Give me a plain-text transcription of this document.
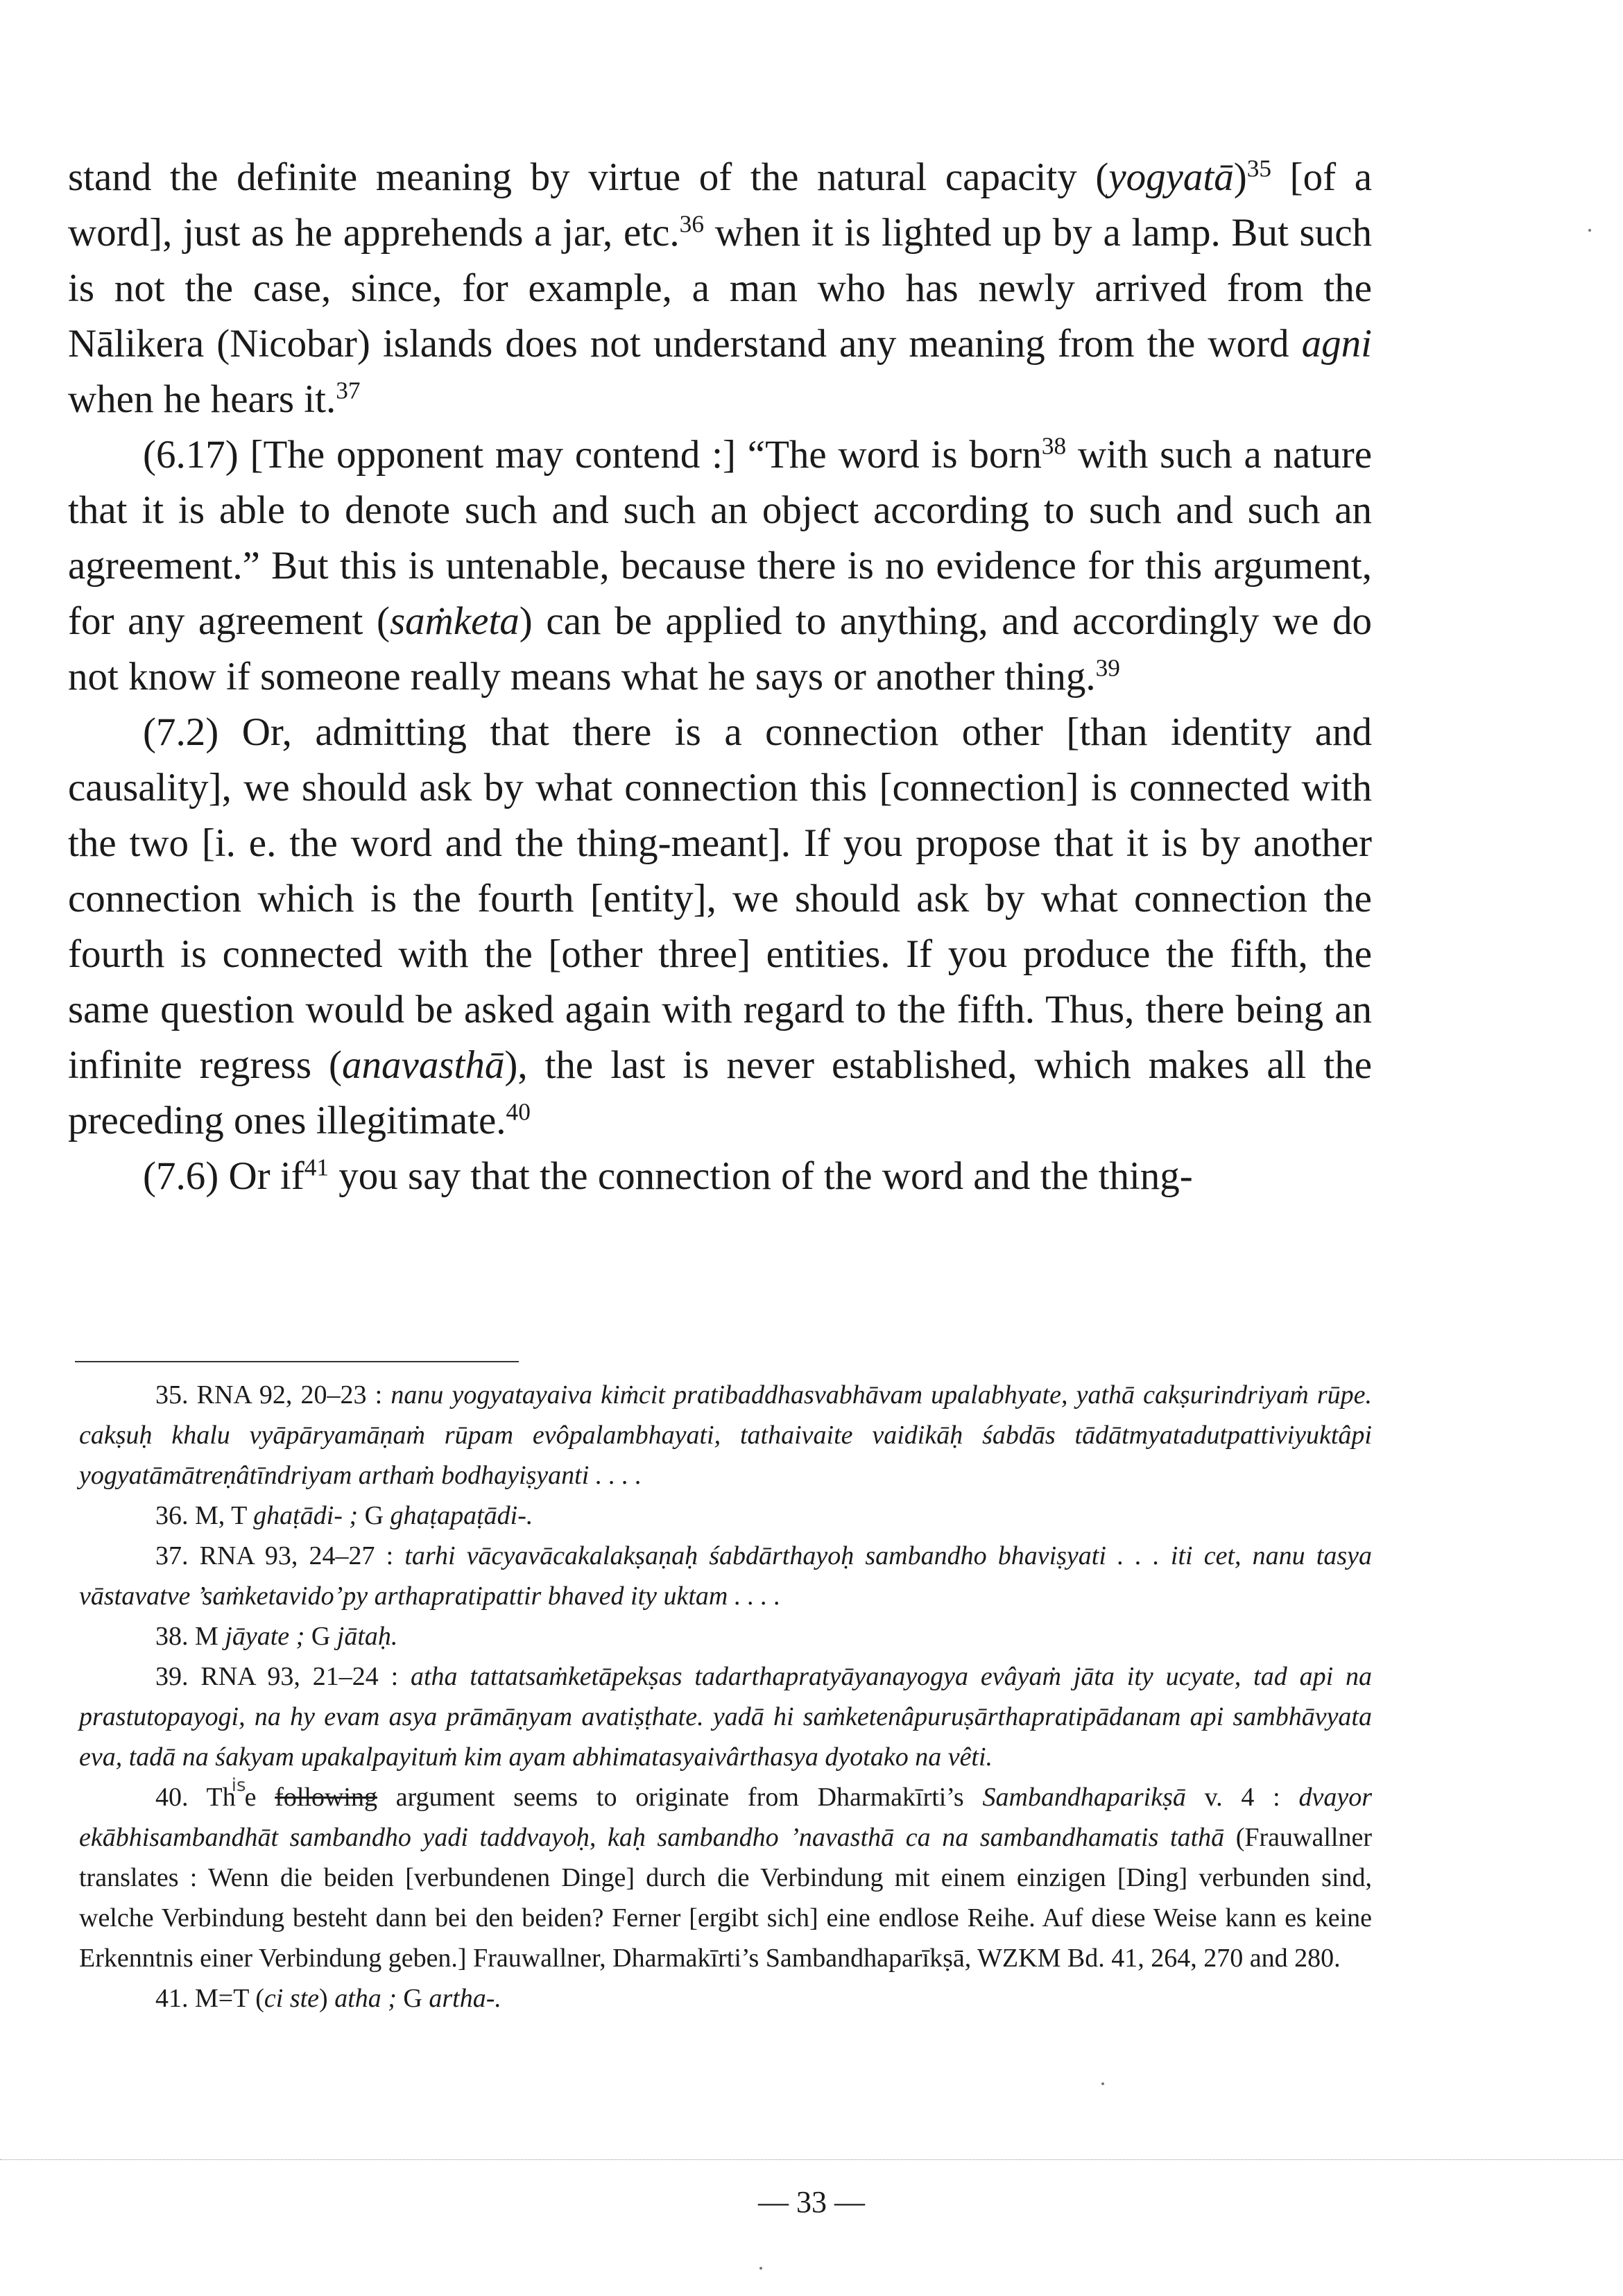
stand the definite meaning by virtue of the natural capacity (yogyatā)$^{35}$ [of a word], just as he apprehends a jar, etc.$^{36}$ when it is lighted up by a lamp. But such is not the case, since, for example, a man who has newly arrived from the Nālikera (Nicobar) islands does not understand any meaning from the word agni when he hears it.$^{37}$

(6.17) [The opponent may contend :] “The word is born$^{38}$ with such a nature that it is able to denote such and such an object according to such and such an agreement.” But this is untenable, because there is no evidence for this argument, for any agreement (saṁketa) can be applied to anything, and accordingly we do not know if someone really means what he says or another thing.$^{39}$

(7.2) Or, admitting that there is a connection other [than identity and causality], we should ask by what connection this [connection] is connected with the two [i. e. the word and the thing-meant]. If you propose that it is by another connection which is the fourth [entity], we should ask by what connection the fourth is connected with the [other three] entities. If you produce the fifth, the same question would be asked again with regard to the fifth. Thus, there being an infinite regress (anavasthā), the last is never established, which makes all the preceding ones illegitimate.$^{40}$

(7.6) Or $if^{41}$ you say that the connection of the word and the thing-

35. RNA 92, 20–23 : nanu yogyatayaiva kiṁcit pratibaddhasvabhāvam upalabhyate, yathā cakṣurindriyaṁ rūpe. cakṣuḥ khalu vyāpāryamāṇaṁ rūpam evôpalambhayati, tathaivaite vaidikāḥ śabdās tādātmyatadutpattiviyuktâpi yogyatāmātreṇâtīndriyam arthaṁ bodhayiṣyanti . . . .

36. M, T ghaṭādi- ; G ghaṭapaṭādi-.

37. RNA 93, 24–27 : tarhi vācyavācakalakṣaṇaḥ śabdārthayoḥ sambandho bhaviṣyati . . . iti cet, nanu tasya vāstavatve ’saṁketavido’py arthapratipattir bhaved ity uktam . . . .

38. M jāyate ; G jātaḥ.

39. RNA 93, 21–24 : atha tattatsaṁketāpekṣas tadarthapratyāyanayogya evâyaṁ jāta ity ucyate, tad api na prastutopayogi, na hy evam asya prāmāṇyam avatiṣṭhate. yadā hi saṁketenâpuruṣārthapratipādanam api sambhāvyata eva, tadā na śakyam upakalpayituṁ kim ayam abhimatasyaivârthasya dyotako na vêti.

40. $Th^{is}e$ following argument seems to originate from Dharmakīrti’s Sambandhaparikṣā v. 4 : dvayor ekābhisambandhāt sambandho yadi taddvayoḥ, kaḥ sambandho ’navasthā ca na sambandhamatis tathā (Frauwallner translates : Wenn die beiden [verbundenen Dinge] durch die Verbindung mit einem einzigen [Ding] verbunden sind, welche Verbindung besteht dann bei den beiden? Ferner [ergibt sich] eine endlose Reihe. Auf diese Weise kann es keine Erkenntnis einer Verbindung geben.] Frauwallner, Dharmakīrti’s Sambandhaparīkṣā, WZKM Bd. 41, 264, 270 and 280.

41. M=T (ci ste) atha ; G artha-.

— 33 —
